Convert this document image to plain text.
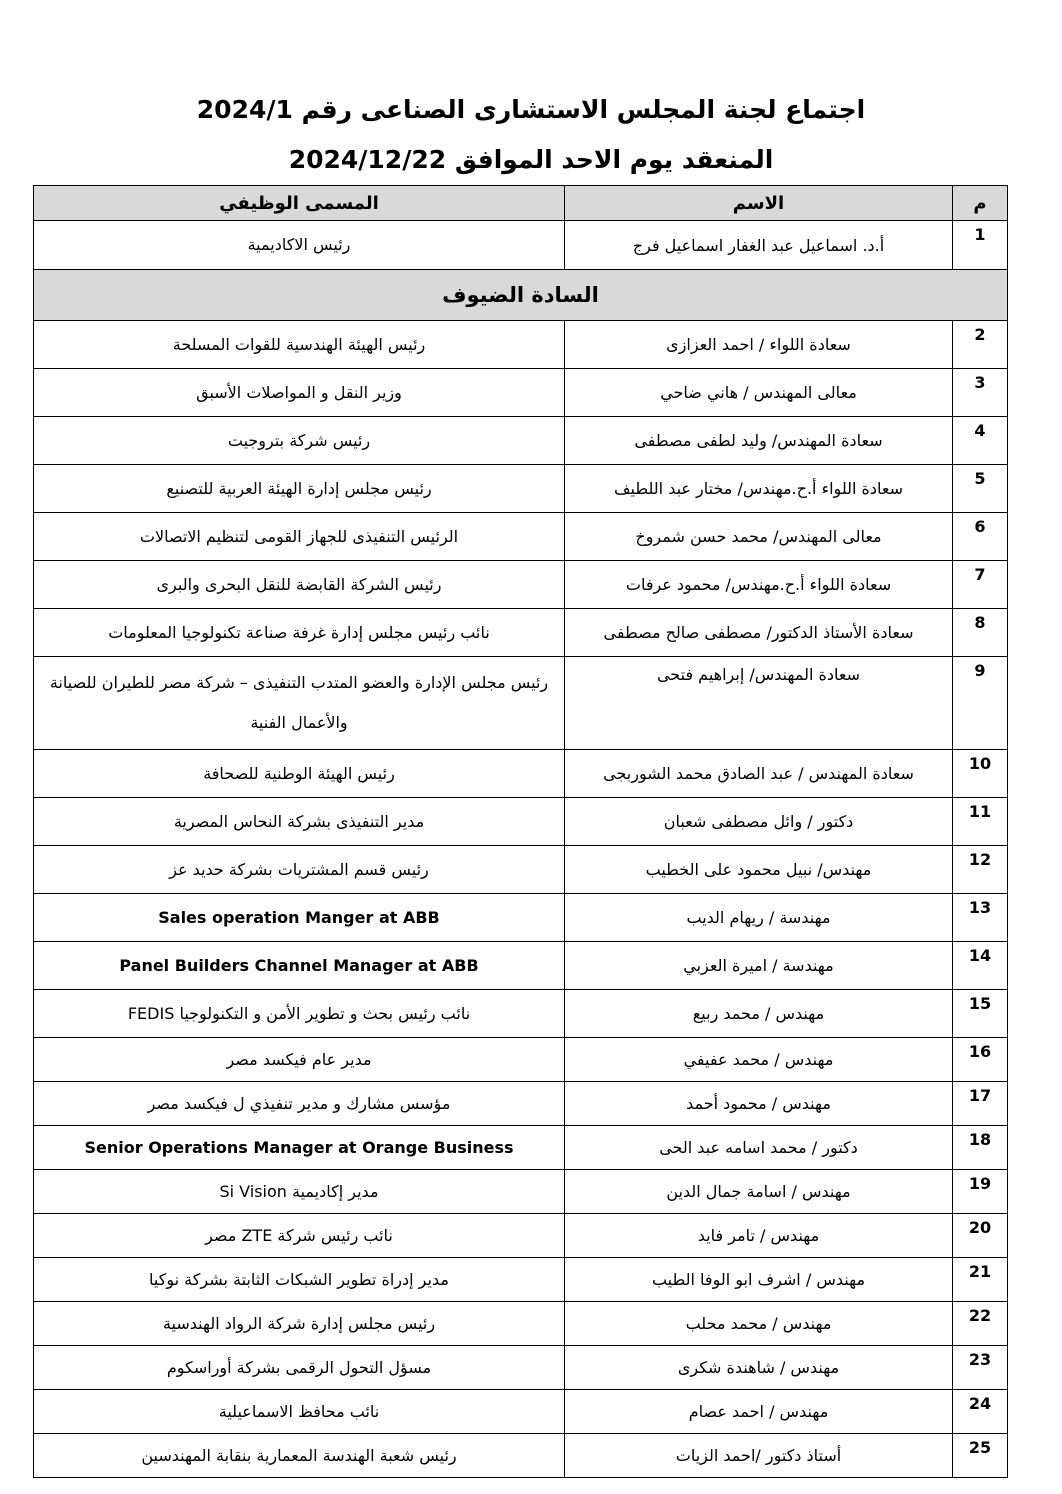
اجتماع لجنة المجلس الاستشارى الصناعى رقم 2024/1
المنعقد يوم الاحد الموافق 2024/12/22
م	الاسم	المسمى الوظيفي
1	أ.د. اسماعيل عبد الغفار اسماعيل فرج	رئيس الاكاديمية
السادة الضيوف		
2	سعادة اللواء / احمد العزازى	رئيس الهيئة الهندسية للقوات المسلحة
3	معالى المهندس / هاني ضاحي	وزير النقل و المواصلات الأسبق
4	سعادة المهندس/ وليد لطفى مصطفى	رئيس شركة بتروجيت
5	سعادة اللواء أ.ح.مهندس/ مختار عبد اللطيف	رئيس مجلس إدارة الهيئة العربية للتصنيع
6	معالى المهندس/ محمد حسن شمروخ	الرئيس التنفيذى للجهاز القومى لتنظيم الاتصالات
7	سعادة اللواء أ.ح.مهندس/ محمود عرفات	رئيس الشركة القابضة للنقل البحرى والبرى
8	سعادة الأستاذ الدكتور/ مصطفى صالح مصطفى	نائب رئيس مجلس إدارة غرفة صناعة تكنولوجيا المعلومات
9	سعادة المهندس/ إبراهيم فتحى	رئيس مجلس الإدارة والعضو المتدب التنفيذى – شركة مصر للطيران للصيانة والأعمال الفنية
10	سعادة المهندس / عبد الصادق محمد الشوربجى	رئيس الهيئة الوطنية للصحافة
11	دكتور / وائل مصطفى شعبان	مدير التنفيذى بشركة النحاس المصرية
12	مهندس/ نبيل محمود على الخطيب	رئيس قسم المشتريات بشركة حديد عز
13	مهندسة / ريهام الديب	Sales operation Manger at ABB
14	مهندسة / اميرة العزبي	Panel Builders Channel Manager at ABB
15	مهندس / محمد ربيع	نائب رئيس بحث و تطوير الأمن و التكنولوجيا FEDIS
16	مهندس / محمد عفيفي	مدير عام فيكسد مصر
17	مهندس / محمود أحمد	مؤسس مشارك و مدير تنفيذي ل فيكسد مصر
18	دكتور / محمد اسامه عبد الحى	Senior Operations Manager at Orange Business
19	مهندس / اسامة جمال الدين	مدير إكاديمية Si Vision
20	مهندس / تامر فايد	نائب رئيس شركة ZTE مصر
21	مهندس / اشرف ابو الوفا الطيب	مدير إدراة تطوير الشبكات الثابتة بشركة نوكيا
22	مهندس / محمد محلب	رئيس مجلس إدارة شركة الرواد الهندسية
23	مهندس / شاهندة شكرى	مسؤل التحول الرقمى بشركة أوراسكوم
24	مهندس / احمد عصام	نائب محافظ الاسماعيلية
25	أستاذ دكتور /احمد الزيات	رئيس شعبة الهندسة المعمارية بنقابة المهندسين
